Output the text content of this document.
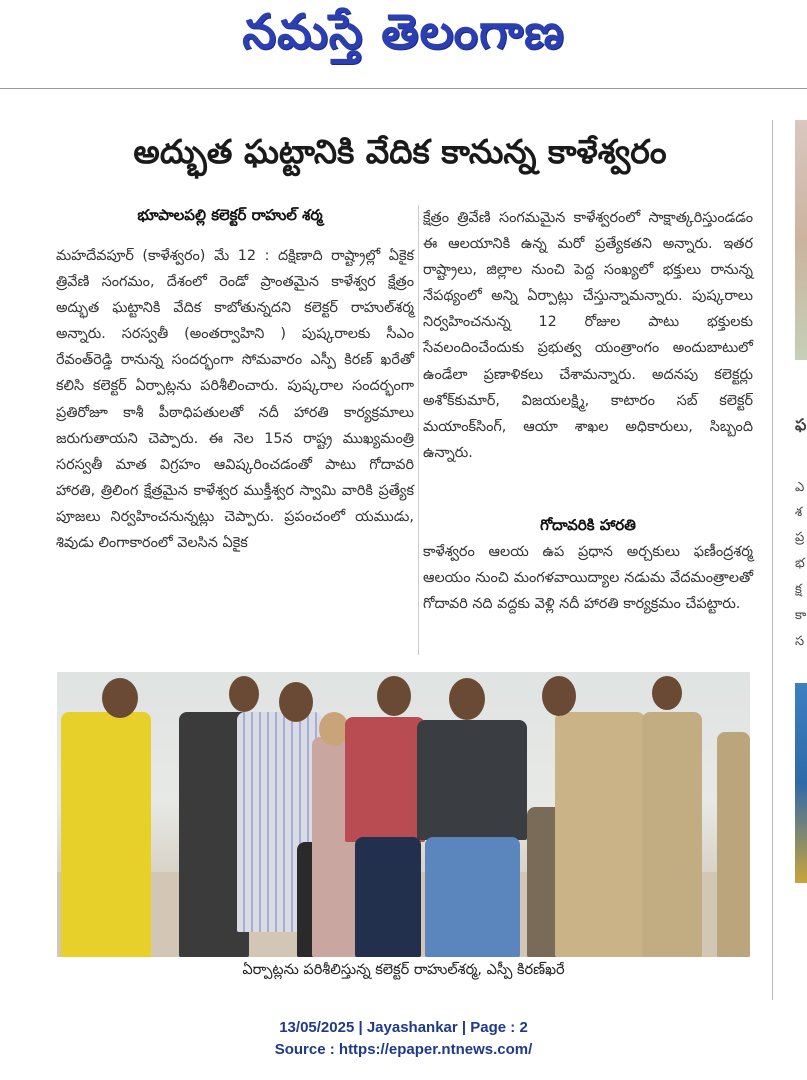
నమస్తే తెలంగాణ
అద్భుత ఘట్టానికి వేదిక కానున్న కాళేశ్వరం
భూపాలపల్లి కలెక్టర్ రాహుల్ శర్మ
మహదేవపూర్ (కాళేశ్వరం) మే 12 : దక్షిణాది రాష్ట్రాల్లో ఏకైక త్రివేణి సంగమం, దేశంలో రెండో ప్రాంతమైన కాళేశ్వర క్షేత్రం అద్భుత ఘట్టానికి వేదిక కాబోతున్నదని కలెక్టర్ రాహుల్‌శర్మ అన్నారు. సరస్వతీ (అంతర్వాహిని ) పుష్కరాలకు సీఎం రేవంత్‌రెడ్డి రానున్న సందర్భంగా సోమవారం ఎస్పీ కిరణ్ ఖరేతో కలిసి కలెక్టర్ ఏర్పాట్లను పరిశీలించారు. పుష్కరాల సందర్భంగా ప్రతిరోజూ కాశీ పీఠాధిపతులతో నదీ హారతి కార్యక్రమాలు జరుగుతాయని చెప్పారు. ఈ నెల 15న రాష్ట్ర ముఖ్యమంత్రి సరస్వతీ మాత విగ్రహం ఆవిష్కరించడంతో పాటు గోదావరి హారతి, త్రిలింగ క్షేత్రమైన కాళేశ్వర ముక్తీశ్వర స్వామి వారికి ప్రత్యేక పూజలు నిర్వహించనున్నట్లు చెప్పారు. ప్రపంచంలో యముడు, శివుడు లింగాకారంలో వెలసిన ఏకైక
క్షేత్రం త్రివేణి సంగమమైన కాళేశ్వరంలో సాక్షాత్కరిస్తుండడం ఈ ఆలయానికి ఉన్న మరో ప్రత్యేకతని అన్నారు. ఇతర రాష్ట్రాలు, జిల్లాల నుంచి పెద్ద సంఖ్యలో భక్తులు రానున్న నేపథ్యంలో అన్ని ఏర్పాట్లు చేస్తున్నామన్నారు. పుష్కరాలు నిర్వహించనున్న 12 రోజుల పాటు భక్తులకు సేవలందించేందుకు ప్రభుత్వ యంత్రాంగం అందుబాటులో ఉండేలా ప్రణాళికలు చేశామన్నారు. అదనపు కలెక్టర్లు అశోక్‌కుమార్, విజయలక్ష్మి, కాటారం సబ్ కలెక్టర్ మయాంక్‌సింగ్, ఆయా శాఖల అధికారులు, సిబ్బంది ఉన్నారు.
గోదావరికి హారతి
కాళేశ్వరం ఆలయ ఉప ప్రధాన అర్చకులు ఫణీంద్రశర్మ ఆలయం నుంచి మంగళవాయిద్యాల నడుమ వేదమంత్రాలతో గోదావరి నది వద్దకు వెళ్లి నదీ హారతి కార్యక్రమం చేపట్టారు.
ఏర్పాట్లను పరిశీలిస్తున్న కలెక్టర్ రాహుల్‌శర్మ, ఎస్పీ కిరణ్‌ఖరే
13/05/2025 | Jayashankar | Page : 2
Source : https://epaper.ntnews.com/
ఫ
ఎ
శ
ప్ర
భ
క్ష
కా
స
